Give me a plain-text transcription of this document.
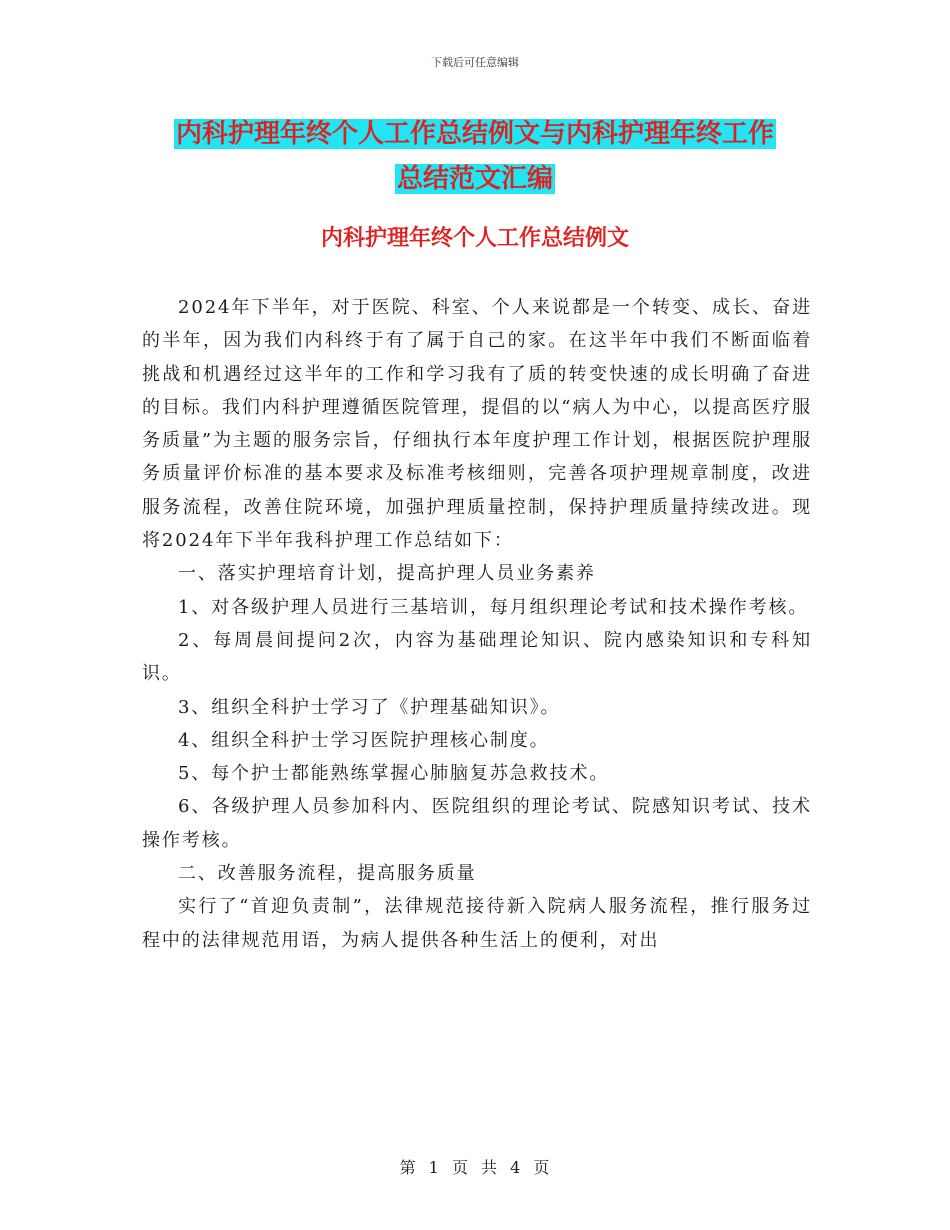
下载后可任意编辑
内科护理年终个人工作总结例文与内科护理年终工作
总结范文汇编
内科护理年终个人工作总结例文

2024年下半年，对于医院、科室、个人来说都是一个转变、成长、奋进的半年，因为我们内科终于有了属于自己的家。在这半年中我们不断面临着挑战和机遇经过这半年的工作和学习我有了质的转变快速的成长明确了奋进的目标。我们内科护理遵循医院管理，提倡的以“病人为中心，以提高医疗服务质量”为主题的服务宗旨，仔细执行本年度护理工作计划，根据医院护理服务质量评价标准的基本要求及标准考核细则，完善各项护理规章制度，改进服务流程，改善住院环境，加强护理质量控制，保持护理质量持续改进。现将2024年下半年我科护理工作总结如下：

一、落实护理培育计划，提高护理人员业务素养

1、对各级护理人员进行三基培训，每月组织理论考试和技术操作考核。

2、每周晨间提问2次，内容为基础理论知识、院内感染知识和专科知识。

3、组织全科护士学习了《护理基础知识》。

4、组织全科护士学习医院护理核心制度。

5、每个护士都能熟练掌握心肺脑复苏急救技术。

6、各级护理人员参加科内、医院组织的理论考试、院感知识考试、技术操作考核。

二、改善服务流程，提高服务质量

实行了“首迎负责制”，法律规范接待新入院病人服务流程，推行服务过程中的法律规范用语，为病人提供各种生活上的便利，对出

第 1 页 共 4 页
